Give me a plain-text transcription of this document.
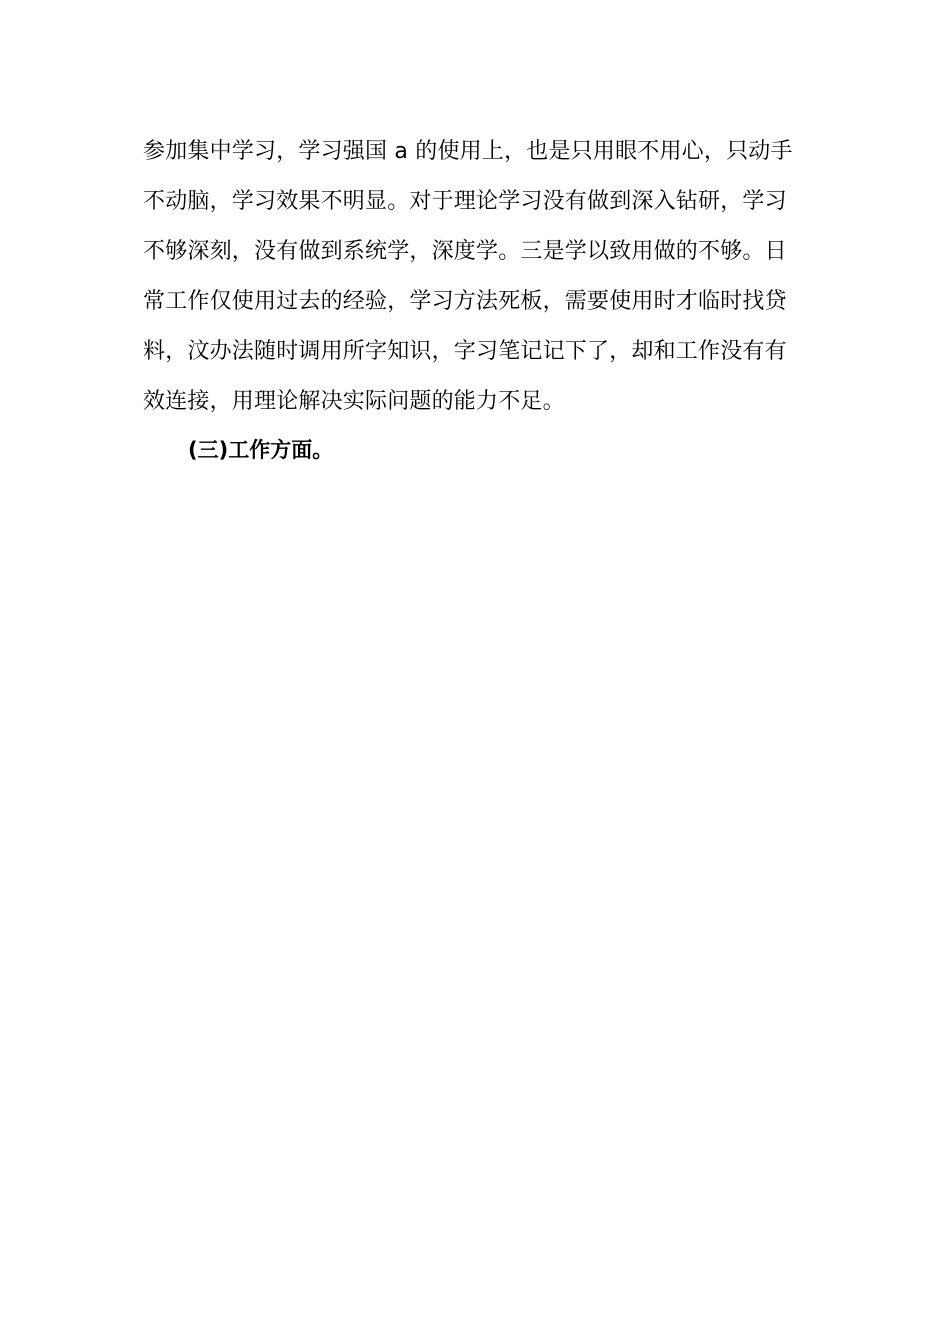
参加集中学习，学习强国 a 的使用上，也是只用眼不用心，只动手
不动脑，学习效果不明显。对于理论学习没有做到深入钻研，学习
不够深刻，没有做到系统学，深度学。三是学以致用做的不够。日
常工作仅使用过去的经验，学习方法死板，需要使用时才临时找贷
料，汶办法随时调用所字知识，字习笔记记下了，却和工作没有有
效连接，用理论解决实际问题的能力不足。
(三)工作方面。
